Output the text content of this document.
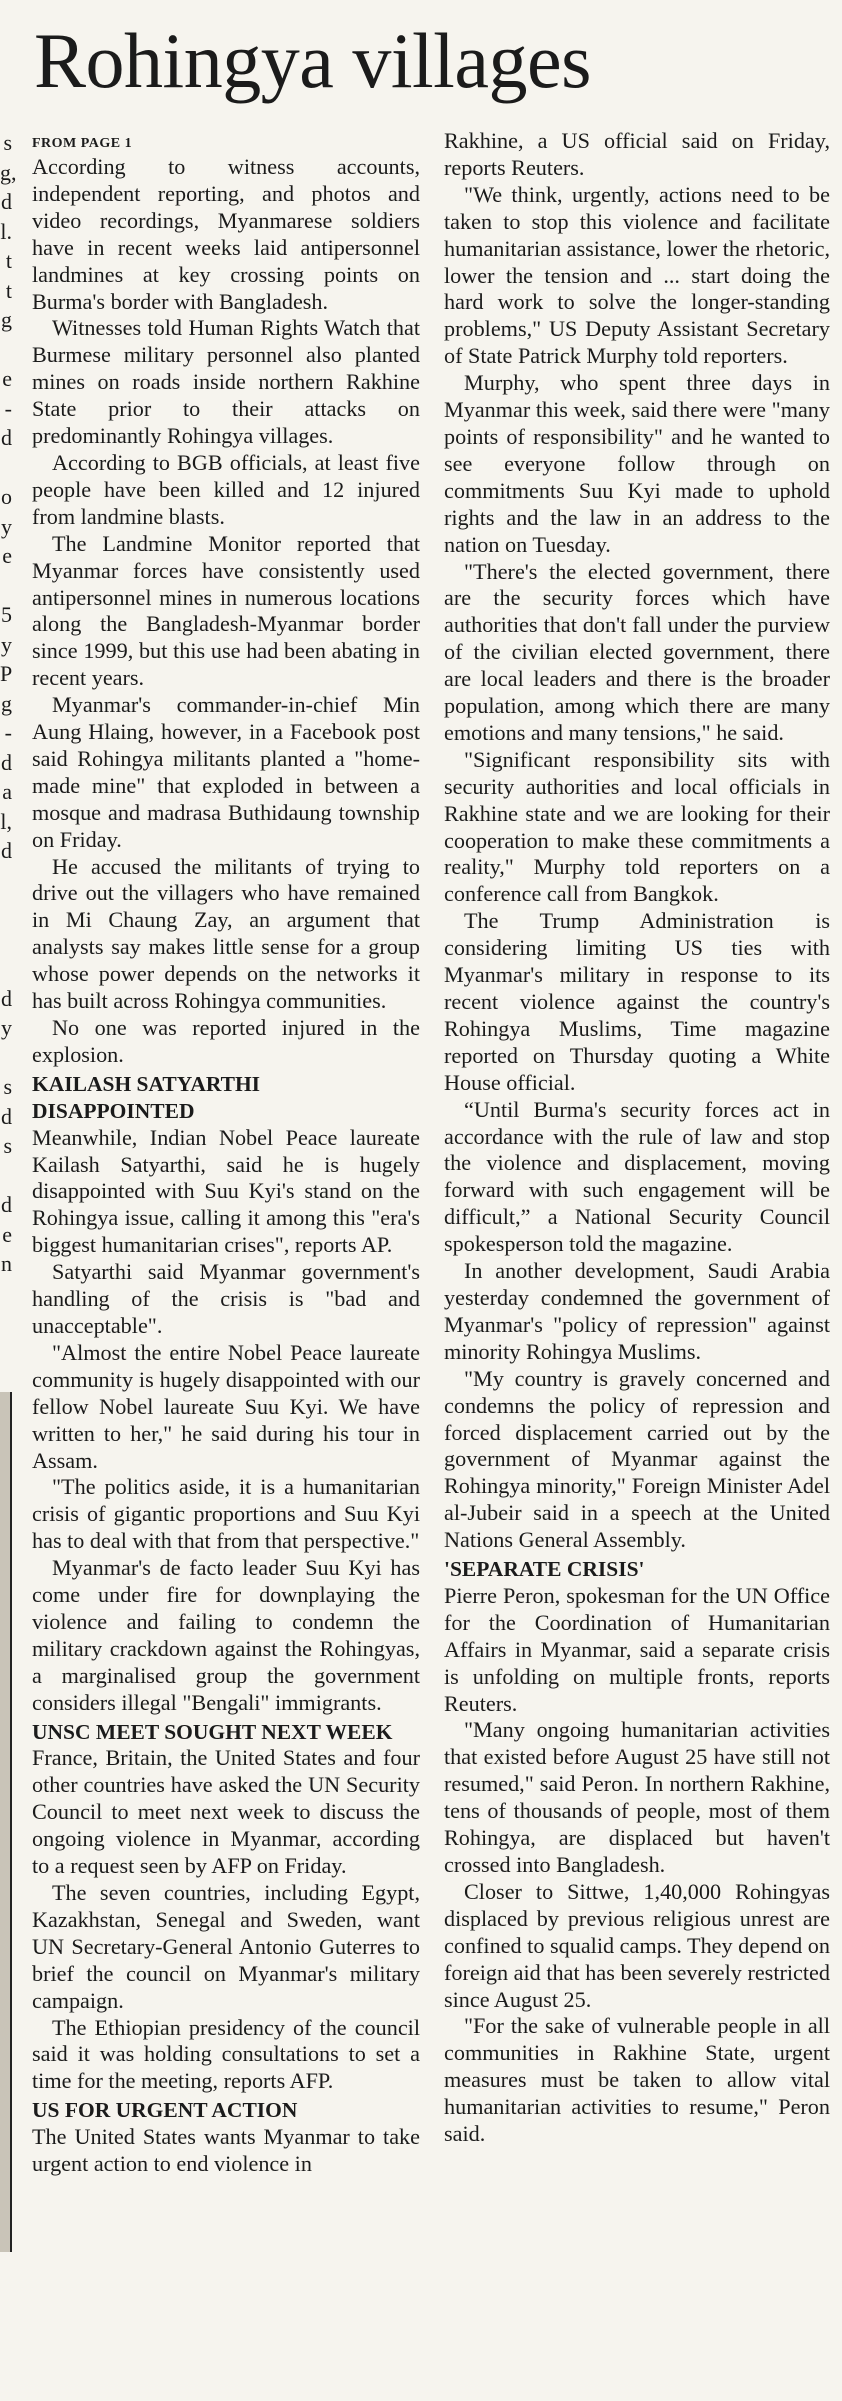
Rohingya villages
s
g,
d
l.
t
t
g
e
-
d
o
y
e
5
y
P
g
-
d
a
l,
d
d
y
s
d
s
d
e
n
FROM PAGE 1

According to witness accounts, independent reporting, and photos and video recordings, Myanmarese soldiers have in recent weeks laid antipersonnel landmines at key crossing points on Burma's border with Bangladesh.

Witnesses told Human Rights Watch that Burmese military personnel also planted mines on roads inside northern Rakhine State prior to their attacks on predominantly Rohingya villages.

According to BGB officials, at least five people have been killed and 12 injured from landmine blasts.

The Landmine Monitor reported that Myanmar forces have consistently used antipersonnel mines in numerous locations along the Bangladesh-Myanmar border since 1999, but this use had been abating in recent years.

Myanmar's commander-in-chief Min Aung Hlaing, however, in a Facebook post said Rohingya militants planted a "home-made mine" that exploded in between a mosque and madrasa Buthidaung township on Friday.

He accused the militants of trying to drive out the villagers who have remained in Mi Chaung Zay, an argument that analysts say makes little sense for a group whose power depends on the networks it has built across Rohingya communities.

No one was reported injured in the explosion.

KAILASH SATYARTHI DISAPPOINTED

Meanwhile, Indian Nobel Peace laureate Kailash Satyarthi, said he is hugely disappointed with Suu Kyi's stand on the Rohingya issue, calling it among this "era's biggest humanitarian crises", reports AP.

Satyarthi said Myanmar government's handling of the crisis is "bad and unacceptable".

"Almost the entire Nobel Peace laureate community is hugely disappointed with our fellow Nobel laureate Suu Kyi. We have written to her," he said during his tour in Assam.

"The politics aside, it is a humanitarian crisis of gigantic proportions and Suu Kyi has to deal with that from that perspective."

Myanmar's de facto leader Suu Kyi has come under fire for downplaying the violence and failing to condemn the military crackdown against the Rohingyas, a marginalised group the government considers illegal "Bengali" immigrants.

UNSC MEET SOUGHT NEXT WEEK

France, Britain, the United States and four other countries have asked the UN Security Council to meet next week to discuss the ongoing violence in Myanmar, according to a request seen by AFP on Friday.

The seven countries, including Egypt, Kazakhstan, Senegal and Sweden, want UN Secretary-General Antonio Guterres to brief the council on Myanmar's military campaign.

The Ethiopian presidency of the council said it was holding consultations to set a time for the meeting, reports AFP.

US FOR URGENT ACTION

The United States wants Myanmar to take urgent action to end violence in

Rakhine, a US official said on Friday, reports Reuters.

"We think, urgently, actions need to be taken to stop this violence and facilitate humanitarian assistance, lower the rhetoric, lower the tension and ... start doing the hard work to solve the longer-standing problems," US Deputy Assistant Secretary of State Patrick Murphy told reporters.

Murphy, who spent three days in Myanmar this week, said there were "many points of responsibility" and he wanted to see everyone follow through on commitments Suu Kyi made to uphold rights and the law in an address to the nation on Tuesday.

"There's the elected government, there are the security forces which have authorities that don't fall under the purview of the civilian elected government, there are local leaders and there is the broader population, among which there are many emotions and many tensions," he said.

"Significant responsibility sits with security authorities and local officials in Rakhine state and we are looking for their cooperation to make these commitments a reality," Murphy told reporters on a conference call from Bangkok.

The Trump Administration is considering limiting US ties with Myanmar's military in response to its recent violence against the country's Rohingya Muslims, Time magazine reported on Thursday quoting a White House official.

“Until Burma's security forces act in accordance with the rule of law and stop the violence and displacement, moving forward with such engagement will be difficult,” a National Security Council spokesperson told the magazine.

In another development, Saudi Arabia yesterday condemned the government of Myanmar's "policy of repression" against minority Rohingya Muslims.

"My country is gravely concerned and condemns the policy of repression and forced displacement carried out by the government of Myanmar against the Rohingya minority," Foreign Minister Adel al-Jubeir said in a speech at the United Nations General Assembly.

'SEPARATE CRISIS'

Pierre Peron, spokesman for the UN Office for the Coordination of Humanitarian Affairs in Myanmar, said a separate crisis is unfolding on multiple fronts, reports Reuters.

"Many ongoing humanitarian activities that existed before August 25 have still not resumed," said Peron. In northern Rakhine, tens of thousands of people, most of them Rohingya, are displaced but haven't crossed into Bangladesh.

Closer to Sittwe, 1,40,000 Rohingyas displaced by previous religious unrest are confined to squalid camps. They depend on foreign aid that has been severely restricted since August 25.

"For the sake of vulnerable people in all communities in Rakhine State, urgent measures must be taken to allow vital humanitarian activities to resume," Peron said.
